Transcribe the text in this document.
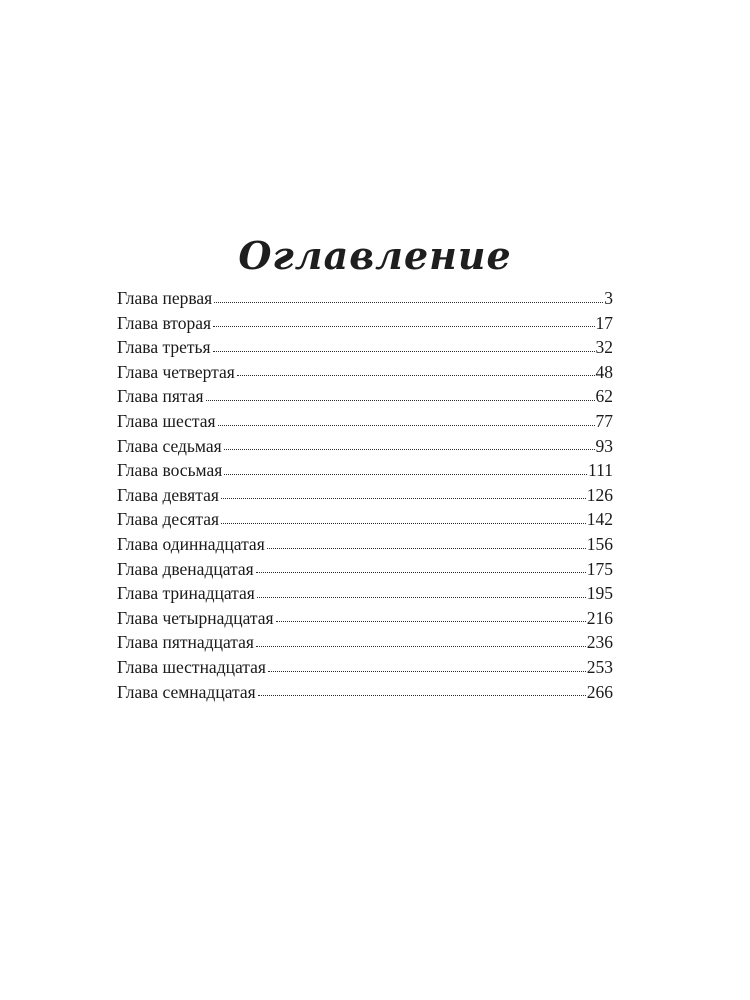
Оглавление
Глава первая	3
Глава вторая	17
Глава третья	32
Глава четвертая	48
Глава пятая	62
Глава шестая	77
Глава седьмая	93
Глава восьмая	111
Глава девятая	126
Глава десятая	142
Глава одиннадцатая	156
Глава двенадцатая	175
Глава тринадцатая	195
Глава четырнадцатая	216
Глава пятнадцатая	236
Глава шестнадцатая	253
Глава семнадцатая	266
